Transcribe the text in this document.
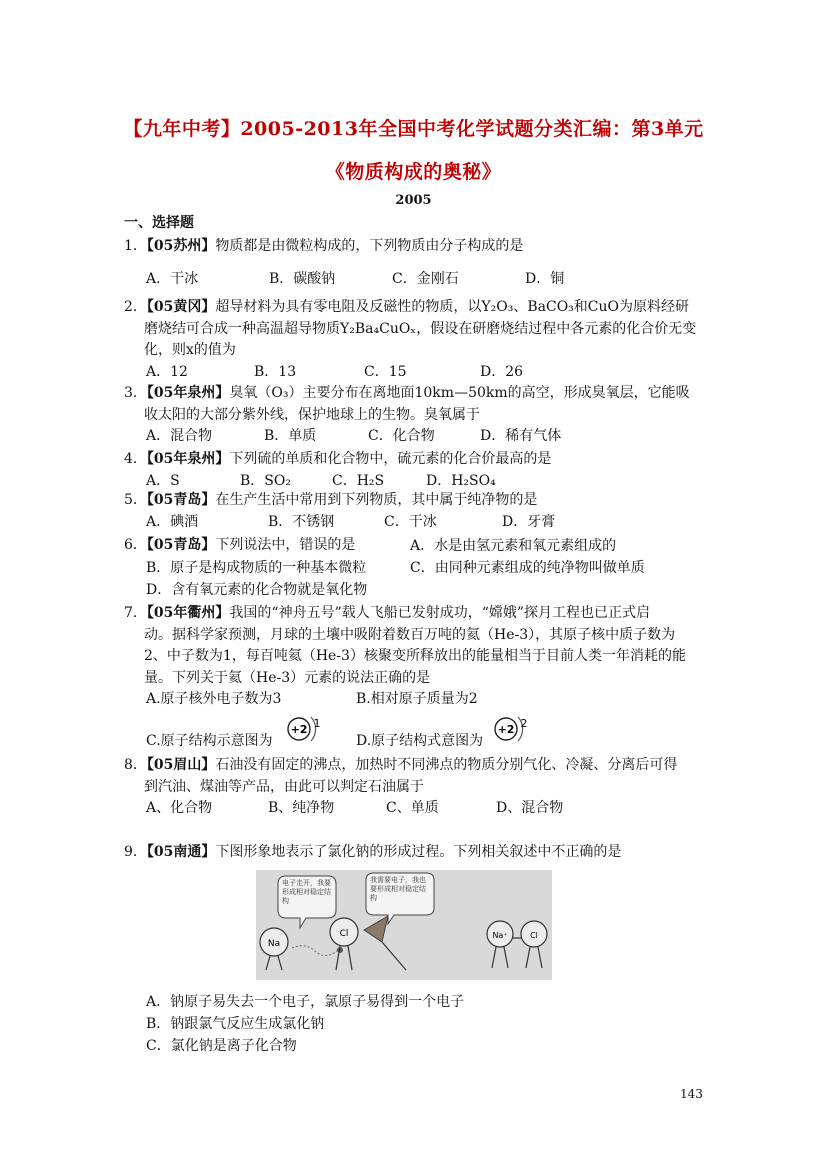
【九年中考】2005-2013年全国中考化学试题分类汇编：第3单元
《物质构成的奥秘》
2005
一、选择题
1．【05苏州】物质都是由微粒构成的，下列物质由分子构成的是
A．干冰	B．碳酸钠	C．金刚石	D．铜
2．【05黄冈】超导材料为具有零电阻及反磁性的物质，以Y₂O₃、BaCO₃和CuO为原料经研
磨烧结可合成一种高温超导物质Y₂Ba₄CuOₓ，假设在研磨烧结过程中各元素的化合价无变
化，则x的值为
A．12	B．13	C．15	D．26
3．【05年泉州】臭氧（O₃）主要分布在离地面10km—50km的高空，形成臭氧层，它能吸
收太阳的大部分紫外线，保护地球上的生物。臭氧属于
A．混合物	B．单质	C．化合物	D．稀有气体
4．【05年泉州】下列硫的单质和化合物中，硫元素的化合价最高的是
A．S	B．SO₂	C．H₂S	D．H₂SO₄
5．【05青岛】在生产生活中常用到下列物质，其中属于纯净物的是
A．碘酒	B．不锈钢	C．干冰	D．牙膏
6．【05青岛】下列说法中，错误的是	A．水是由氢元素和氧元素组成的
B．原子是构成物质的一种基本微粒	C．由同种元素组成的纯净物叫做单质
D．含有氧元素的化合物就是氧化物
7．【05年衢州】我国的“神舟五号”载人飞船已发射成功，“嫦娥”探月工程也已正式启
动。据科学家预测，月球的土壤中吸附着数百万吨的氦（He-3），其原子核中质子数为
2、中子数为1，每百吨氦（He-3）核聚变所释放出的能量相当于目前人类一年消耗的能
量。下列关于氦（He-3）元素的说法正确的是
A.原子核外电子数为3	B.相对原子质量为2
C.原子结构示意图为
+2 1
D.原子结构式意图为
+2 2
8．【05眉山】石油没有固定的沸点，加热时不同沸点的物质分别气化、冷凝、分离后可得
到汽油、煤油等产品，由此可以判定石油属于
A、化合物	B、纯净物	C、单质	D、混合物
9．【05南通】下图形象地表示了氯化钠的形成过程。下列相关叙述中不正确的是
电子走开，我要形成相对稳定结构
我需要电子，我也要形成相对稳定结构
Na
Cl	Na⁺	Cl
A．钠原子易失去一个电子，氯原子易得到一个电子
B．钠跟氯气反应生成氯化钠
C．氯化钠是离子化合物
143
